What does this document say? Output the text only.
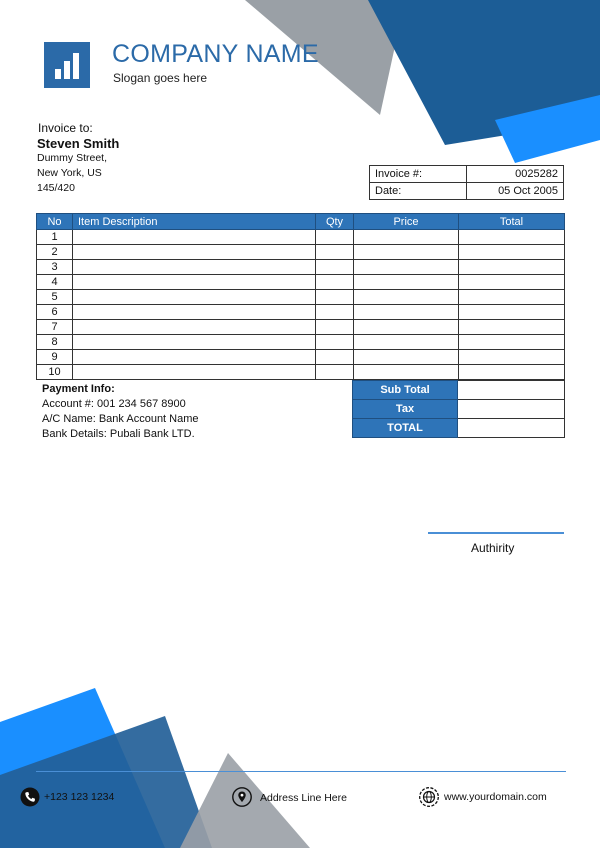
COMPANY NAME
Slogan goes here
Invoice to:
Steven Smith
Dummy Street,
New York, US
145/420
Invoice #:	0025282
Date:	05 Oct 2005
No	Item Description	Qty	Price	Total
1				
2				
3				
4				
5				
6				
7				
8				
9				
10				
Payment Info:
Account #: 001 234 567 8900
A/C Name: Bank Account Name
Bank Details: Pubali Bank LTD.
Sub Total	
Tax	
TOTAL	
Authirity
+123 123 1234	Address Line Here	www.yourdomain.com
